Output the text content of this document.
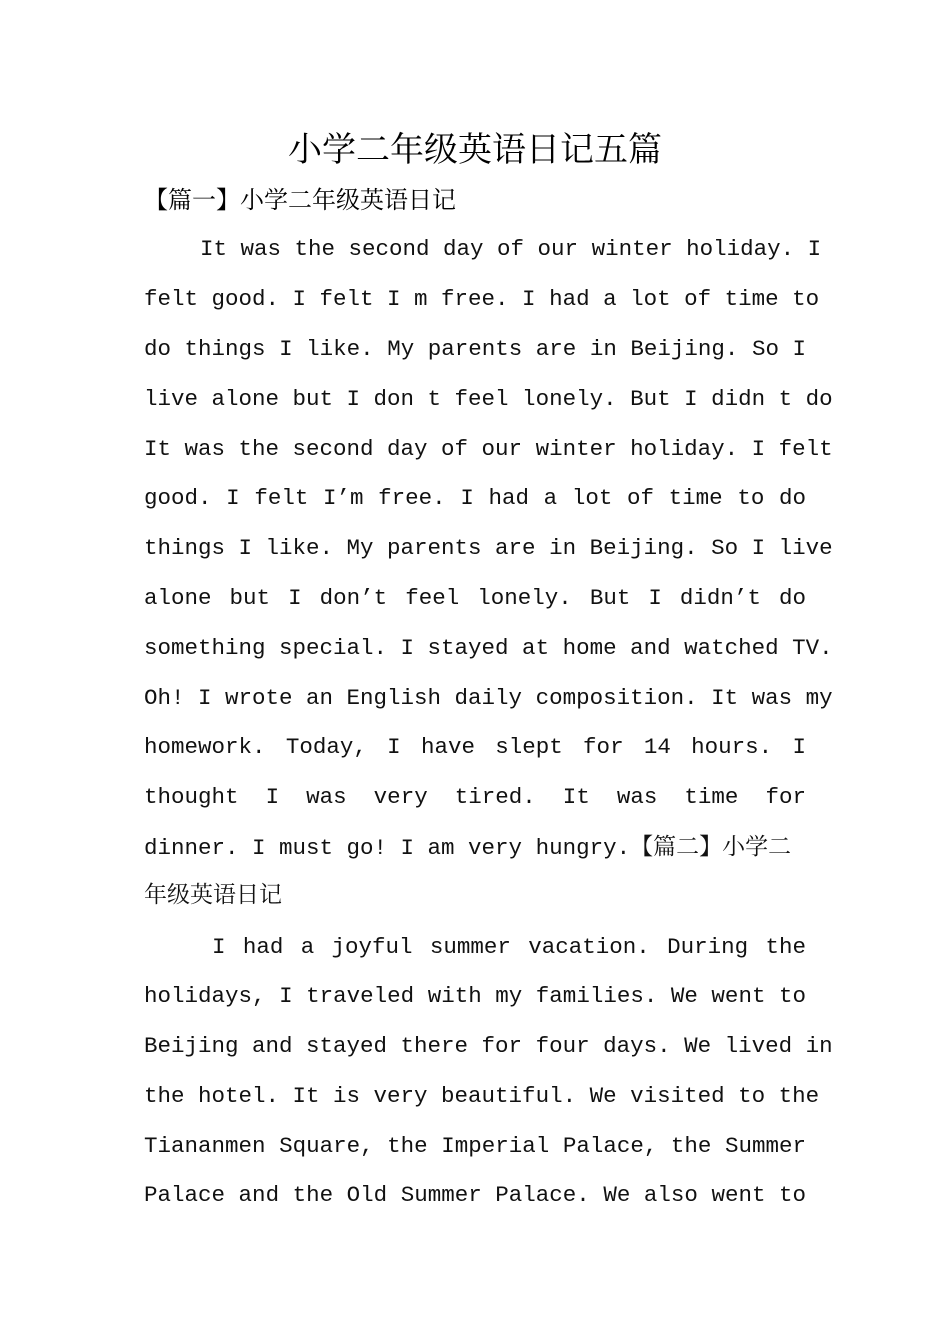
小学二年级英语日记五篇
【篇一】小学二年级英语日记
It was the second day of our winter holiday. I
felt good. I felt I m free. I had a lot of time to
do things I like. My parents are in Beijing. So I
live alone but I don t feel lonely. But I didn t do
It was the second day of our winter holiday. I felt
good. I felt I’m free. I had a lot of time to do
things I like. My parents are in Beijing. So I live
alone but I don’t feel lonely. But I didn’t do
something special. I stayed at home and watched TV.
Oh! I wrote an English daily composition. It was my
homework. Today, I have slept for 14 hours. I
thought I was very tired. It was time for
dinner. I must go! I am very hungry.【篇二】小学二
年级英语日记
I had a joyful summer vacation. During the
holidays, I traveled with my families. We went to
Beijing and stayed there for four days. We lived in
the hotel. It is very beautiful. We visited to the
Tiananmen Square, the Imperial Palace, the Summer
Palace and the Old Summer Palace. We also went to
